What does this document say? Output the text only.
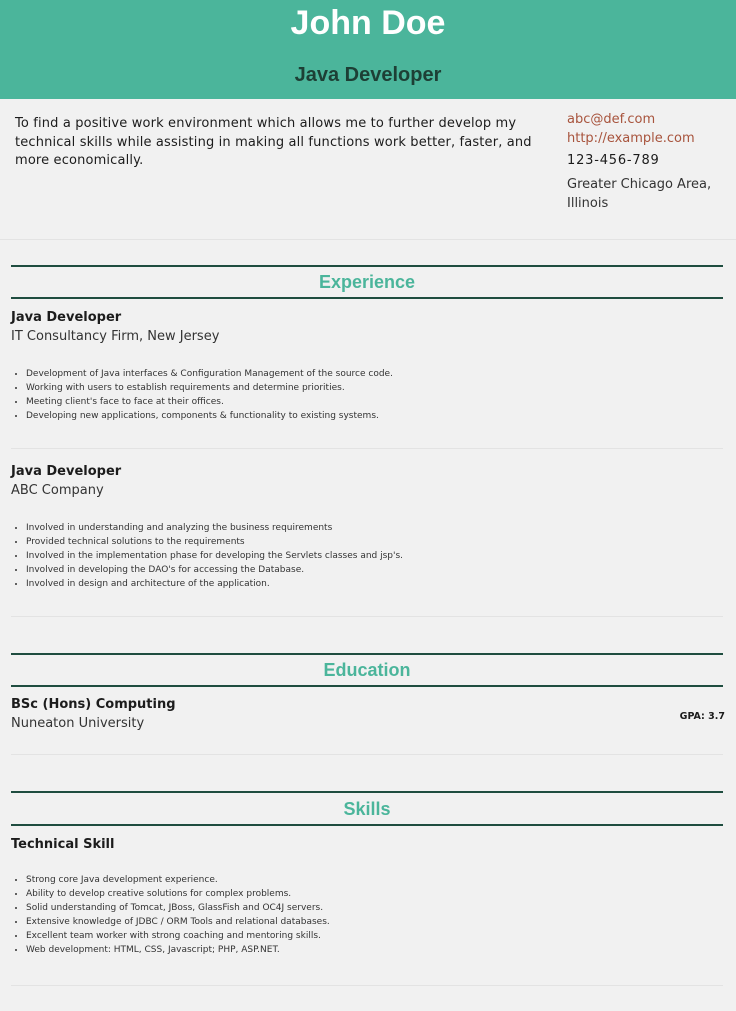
John Doe
Java Developer
To find a positive work environment which allows me to further develop my technical skills while assisting in making all functions work better, faster, and more economically.
abc@def.com
http://example.com
123-456-789
Greater Chicago Area, Illinois
Experience
Java Developer
IT Consultancy Firm, New Jersey
• Development of Java interfaces & Configuration Management of the source code.
• Working with users to establish requirements and determine priorities.
• Meeting client's face to face at their offices.
• Developing new applications, components & functionality to existing systems.
Java Developer
ABC Company
• Involved in understanding and analyzing the business requirements
• Provided technical solutions to the requirements
• Involved in the implementation phase for developing the Servlets classes and jsp's.
• Involved in developing the DAO's for accessing the Database.
• Involved in design and architecture of the application.
Education
BSc (Hons) Computing
Nuneaton University	GPA: 3.7
Skills
Technical Skill
• Strong core Java development experience.
• Ability to develop creative solutions for complex problems.
• Solid understanding of Tomcat, JBoss, GlassFish and OC4J servers.
• Extensive knowledge of JDBC / ORM Tools and relational databases.
• Excellent team worker with strong coaching and mentoring skills.
• Web development: HTML, CSS, Javascript; PHP, ASP.NET.
